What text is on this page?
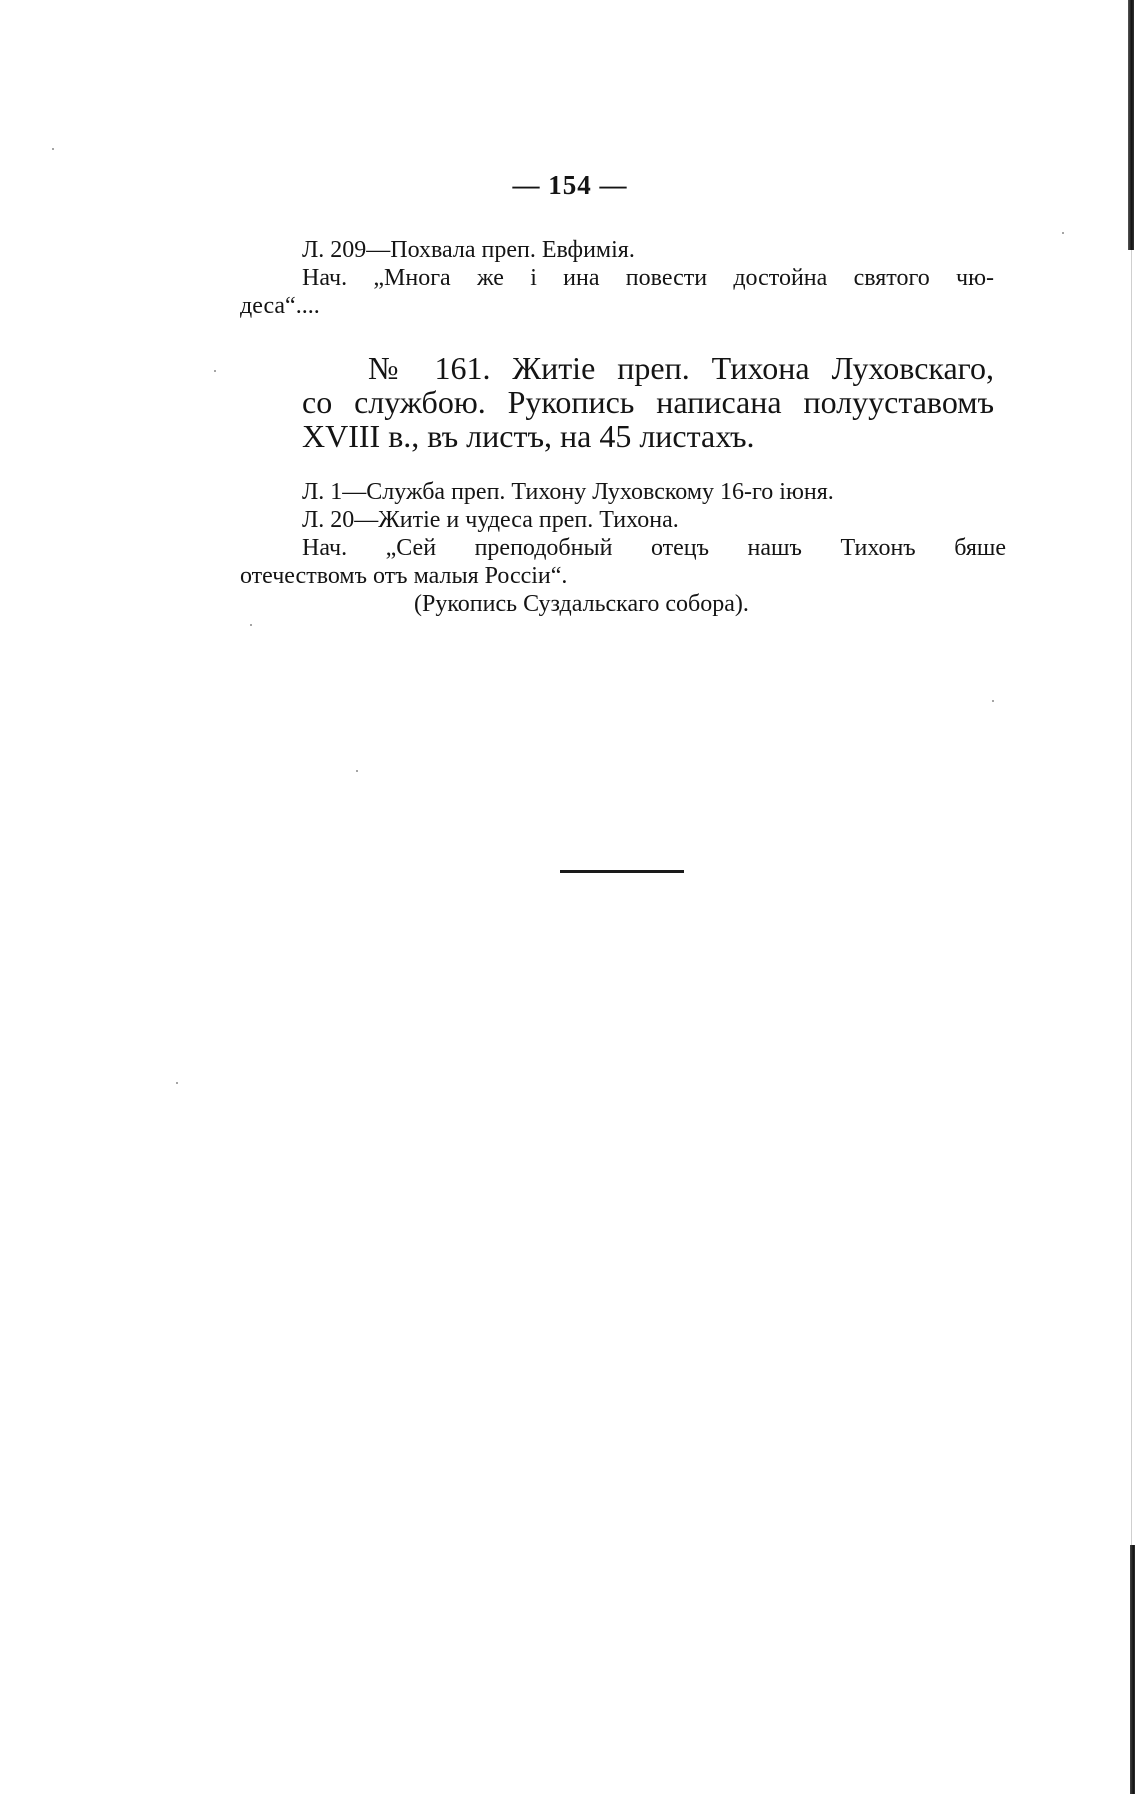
— 154 —
Л. 209—Похвала преп. Евфимія.
Нач. „Многа же і ина повести достойна святого чю-
деса“....
№ 161. Житіе преп. Тихона Луховскаго,
со службою. Рукопись написана полууставомъ
XVIII в., въ листъ, на 45 листахъ.
Л. 1—Служба преп. Тихону Луховскому 16-го іюня.
Л. 20—Житіе и чудеса преп. Тихона.
Нач. „Сей преподобный отецъ нашъ Тихонъ бяше
отечествомъ отъ малыя Россіи“.
(Рукопись Суздальскаго собора).
